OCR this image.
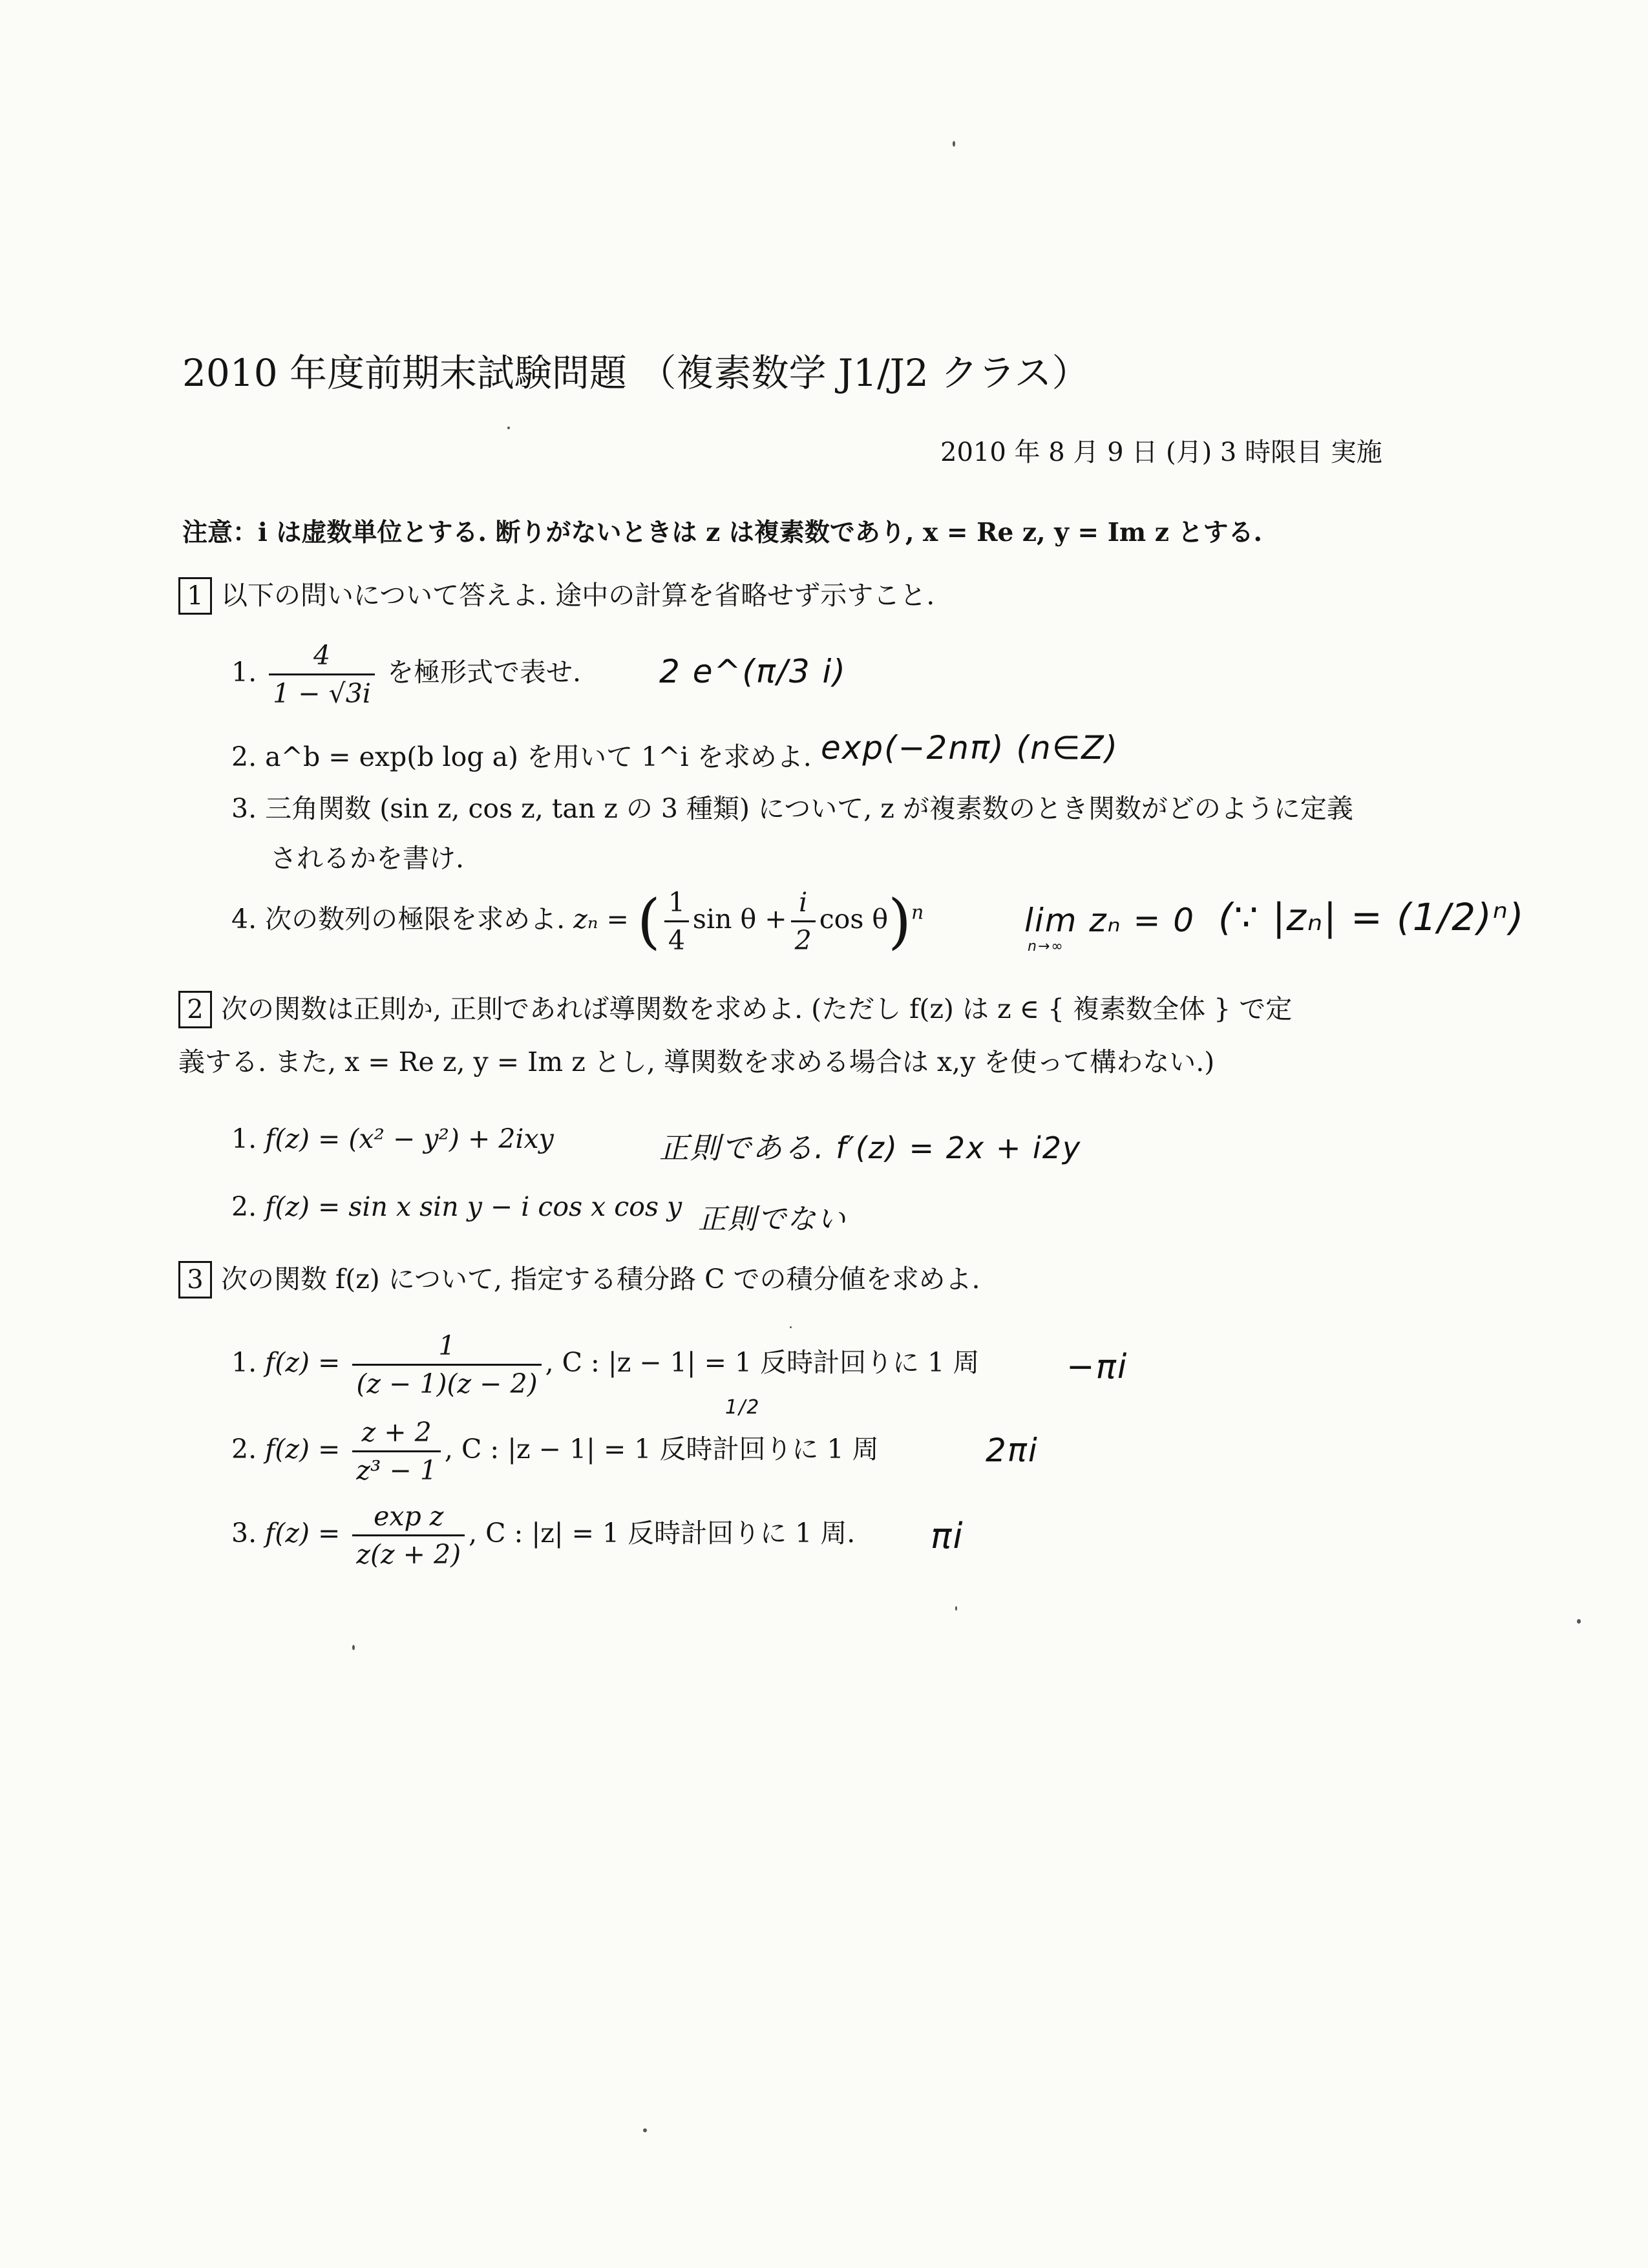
2010 年度前期末試験問題 （複素数学 J1/J2 クラス）
2010 年 8 月 9 日 (月) 3 時限目 実施
注意：i は虚数単位とする. 断りがないときは z は複素数であり, x = Re z, y = Im z とする.
1 以下の問いについて答えよ. 途中の計算を省略せず示すこと.
1. $\frac{4}{1 - √3i}$ を極形式で表せ. 2 e^(π/3 i)
2. a^b = exp(b log a) を用いて 1^i を求めよ. exp(−2nπ) (n∈Z)
3. 三角関数 (sin z, cos z, tan z の 3 種類) について, z が複素数のとき関数がどのように定義
されるかを書け.
4. 次の数列の極限を求めよ. zₙ = ( $\frac{1}{4}$ $\sin \theta + \frac{i}{2}$ cos θ)$^n$	lim zₙ = 0
n→∞
(∵ |zₙ| = (1/2)ⁿ)
2 次の関数は正則か, 正則であれば導関数を求めよ. (ただし f(z) は z ∈ { 複素数全体 } で定
義する. また, x = Re z, y = Im z とし, 導関数を求める場合は x,y を使って構わない.)
1. f(z) = (x² − y²) + 2ixy	正則である. f′(z) = 2x + i2y
2. f(z) = sin x sin y − i cos x cos y 正則でない
3 次の関数 f(z) について, 指定する積分路 C での積分値を求めよ.
1. $f(z) = \frac{1}{(z - 1)(z - 2)}$ , C : |z − 1| = 1 反時計回りに 1 周
1/2
−πi
2. $f(z) = \frac{z + 2}{\text{z³ − 1}}$ , C : |z − 1| = 1 反時計回りに 1 周	2πi
3. $f(z) = \frac{\text{exp z}}{z(z + 2)}$ , C : |z| = 1 反時計回りに 1 周. πi
